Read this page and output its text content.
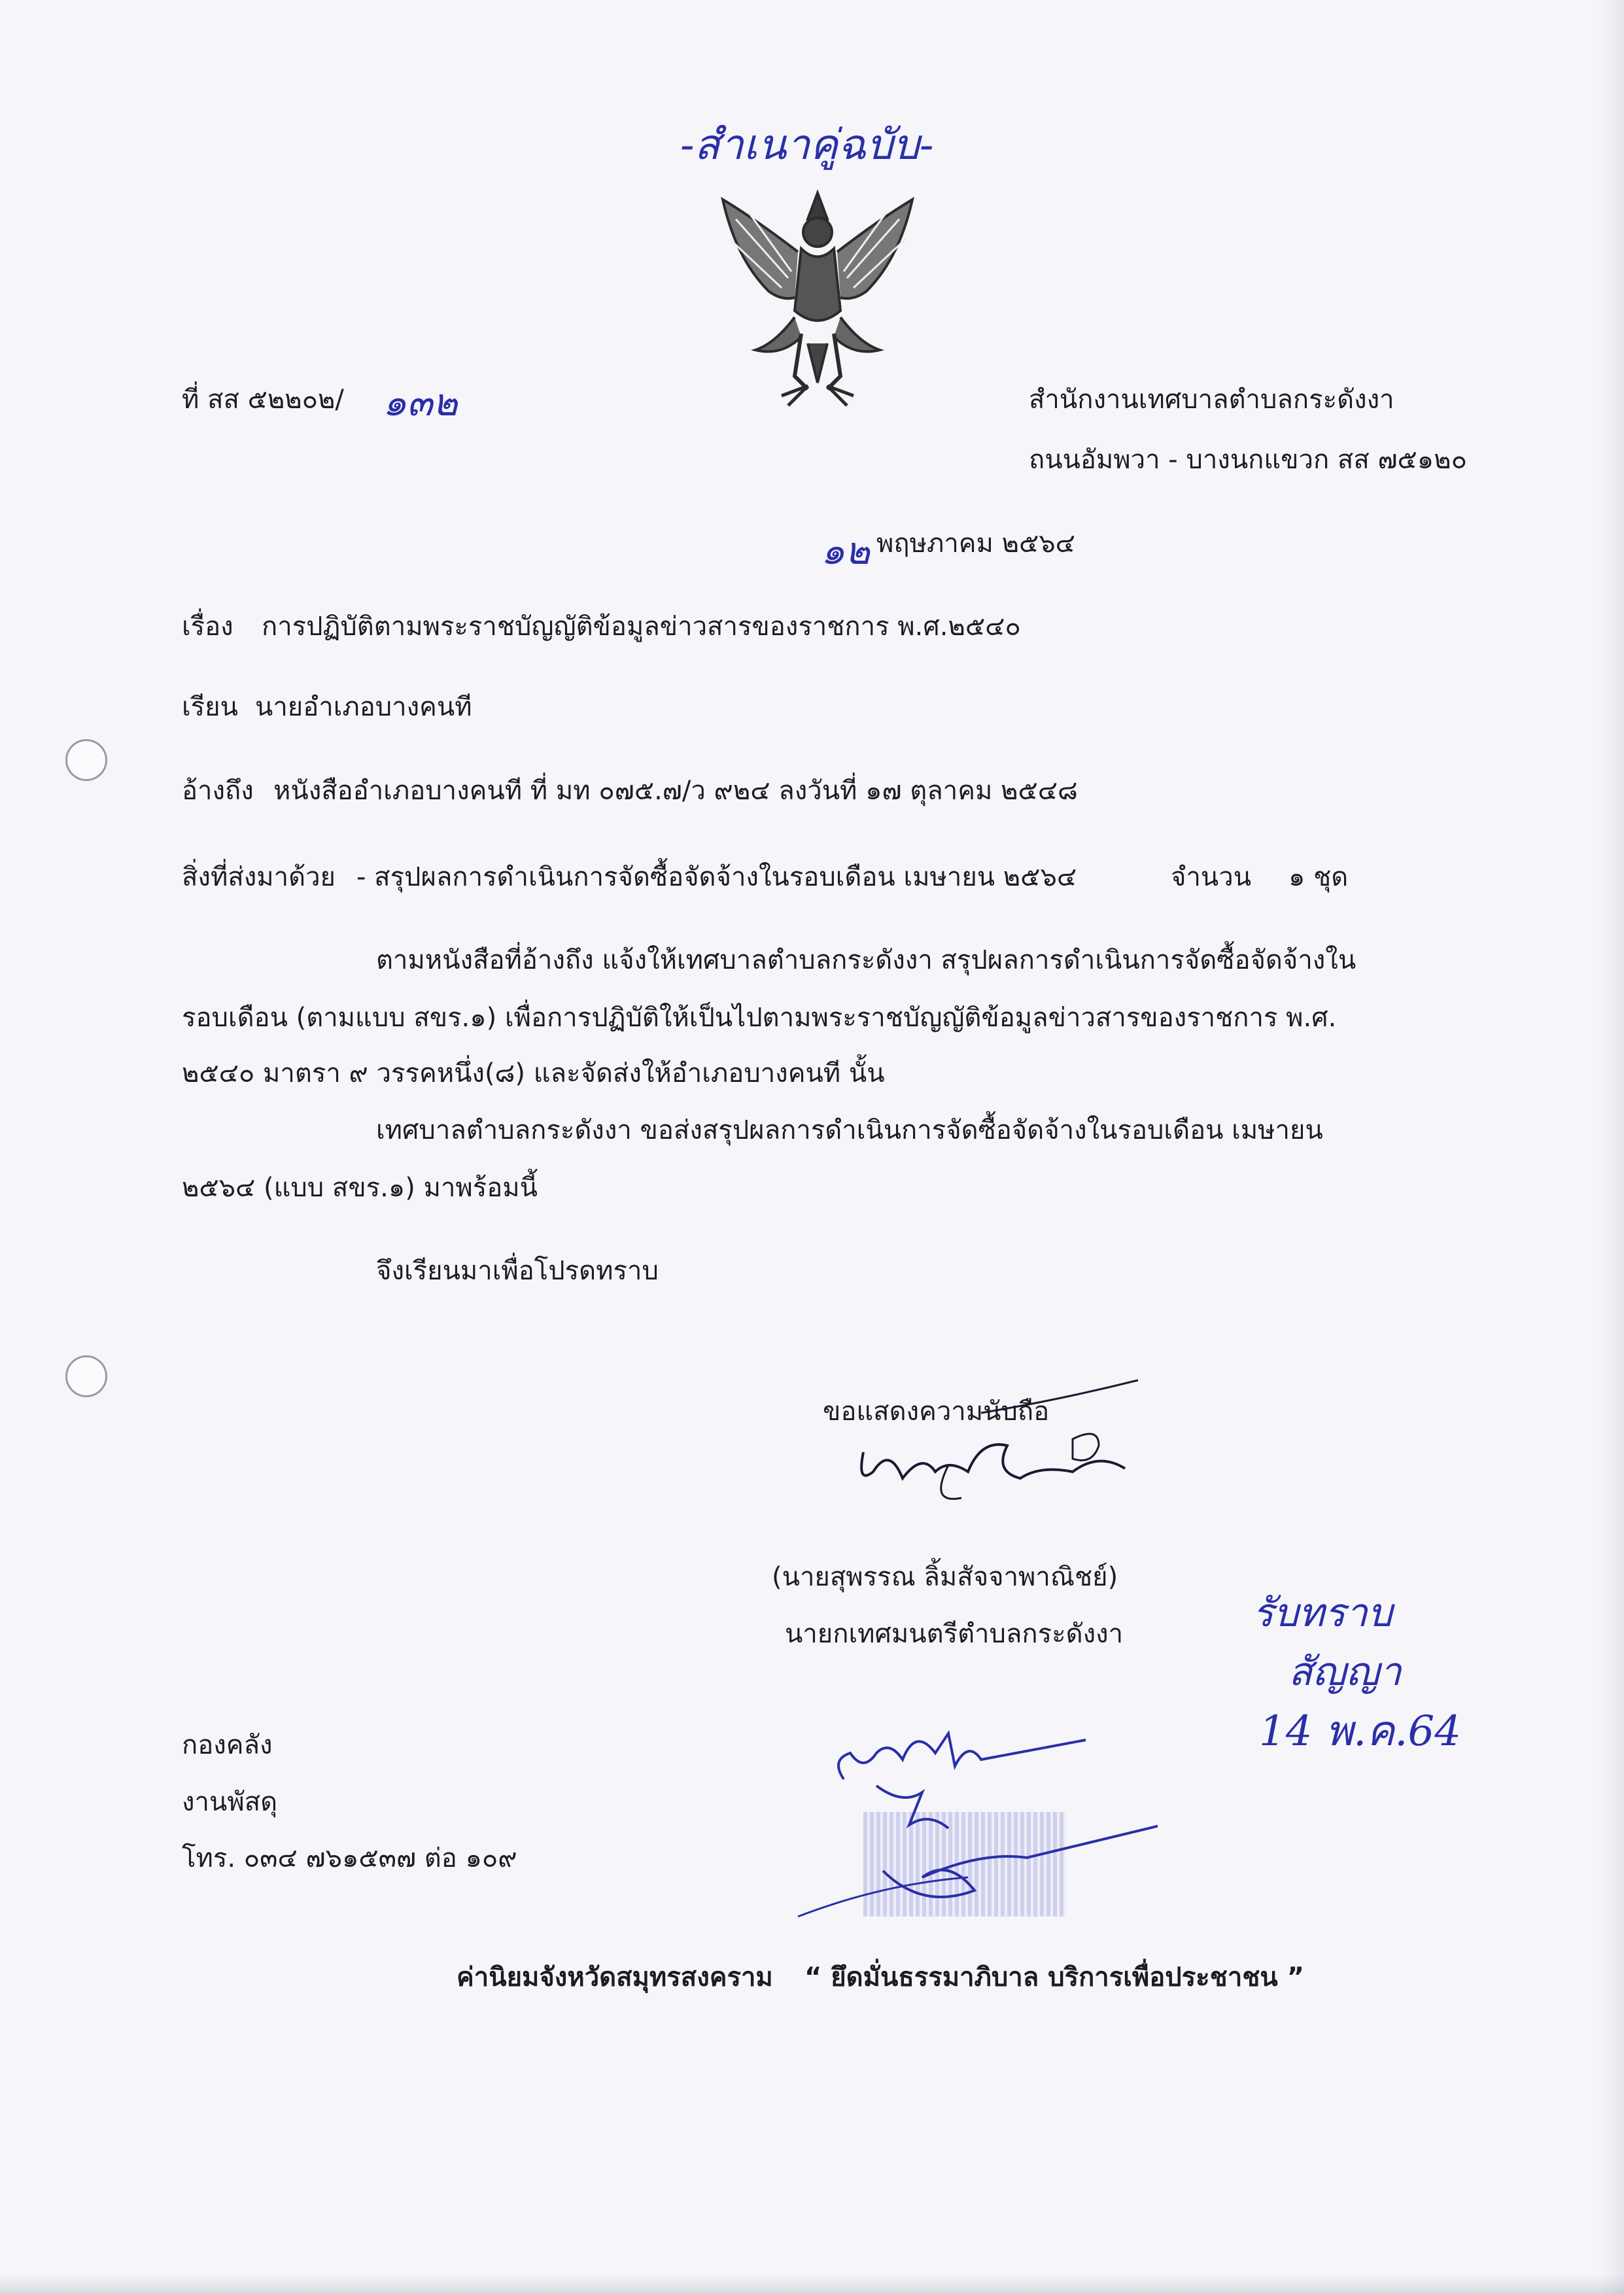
-สำเนาคู่ฉบับ-
ที่ สส ๕๒๒๐๒/ ๑๓๒	สำนักงานเทศบาลตำบลกระดังงา
ถนนอัมพวา - บางนกแขวก สส ๗๕๑๒๐
๑๒ พฤษภาคม ๒๕๖๔
เรื่อง การปฏิบัติตามพระราชบัญญัติข้อมูลข่าวสารของราชการ พ.ศ.๒๕๔๐
เรียน นายอำเภอบางคนที
อ้างถึง หนังสืออำเภอบางคนที ที่ มท ๐๗๕.๗/ว ๙๒๔ ลงวันที่ ๑๗ ตุลาคม ๒๕๔๘
สิ่งที่ส่งมาด้วย - สรุปผลการดำเนินการจัดซื้อจัดจ้างในรอบเดือน เมษายน ๒๕๖๔	จำนวน ๑ ชุด
ตามหนังสือที่อ้างถึง แจ้งให้เทศบาลตำบลกระดังงา สรุปผลการดำเนินการจัดซื้อจัดจ้างใน
รอบเดือน (ตามแบบ สขร.๑) เพื่อการปฏิบัติให้เป็นไปตามพระราชบัญญัติข้อมูลข่าวสารของราชการ พ.ศ.
๒๕๔๐ มาตรา ๙ วรรคหนึ่ง(๘) และจัดส่งให้อำเภอบางคนที นั้น
เทศบาลตำบลกระดังงา ขอส่งสรุปผลการดำเนินการจัดซื้อจัดจ้างในรอบเดือน เมษายน
๒๕๖๔ (แบบ สขร.๑) มาพร้อมนี้
จึงเรียนมาเพื่อโปรดทราบ
ขอแสดงความนับถือ
(นายสุพรรณ ลิ้มสัจจาพาณิชย์)
นายกเทศมนตรีตำบลกระดังงา	รับทราบ
สัญญา
14 พ.ค.64
กองคลัง
งานพัสดุ
โทร. ๐๓๔ ๗๖๑๕๓๗ ต่อ ๑๐๙
ค่านิยมจังหวัดสมุทรสงคราม “ ยึดมั่นธรรมาภิบาล บริการเพื่อประชาชน ”
